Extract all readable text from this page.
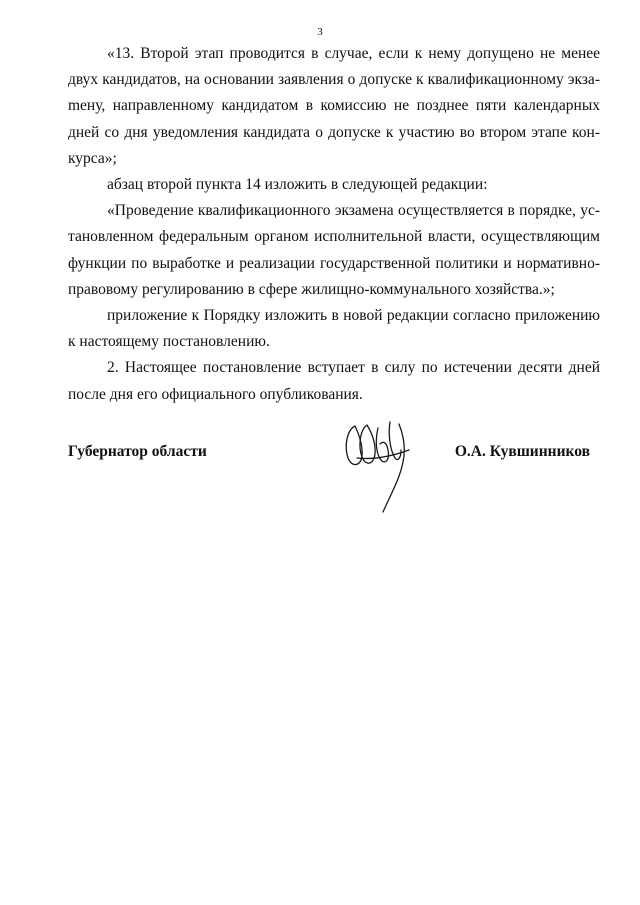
3

«13. Второй этап проводится в случае, если к нему допущено не менее двух кандидатов, на основании заявления о допуске к квалификационному экзаmену, направленному кандидатом в комиссию не позднее пяти календарных дней со дня уведомления кандидата о допуске к участию во втором этапе конкурса»;

абзац второй пункта 14 изложить в следующей редакции:

«Проведение квалификационного экзамена осуществляется в порядке, установленном федеральным органом исполнительной власти, осуществляющим функции по выработке и реализации государственной политики и нормативно-правовому регулированию в сфере жилищно-коммунального хозяйства.»;

приложение к Порядку изложить в новой редакции согласно приложению к настоящему постановлению.

2. Настоящее постановление вступает в силу по истечении десяти дней после дня его официального опубликования.

Губернатор области	О.А. Кувшинников
